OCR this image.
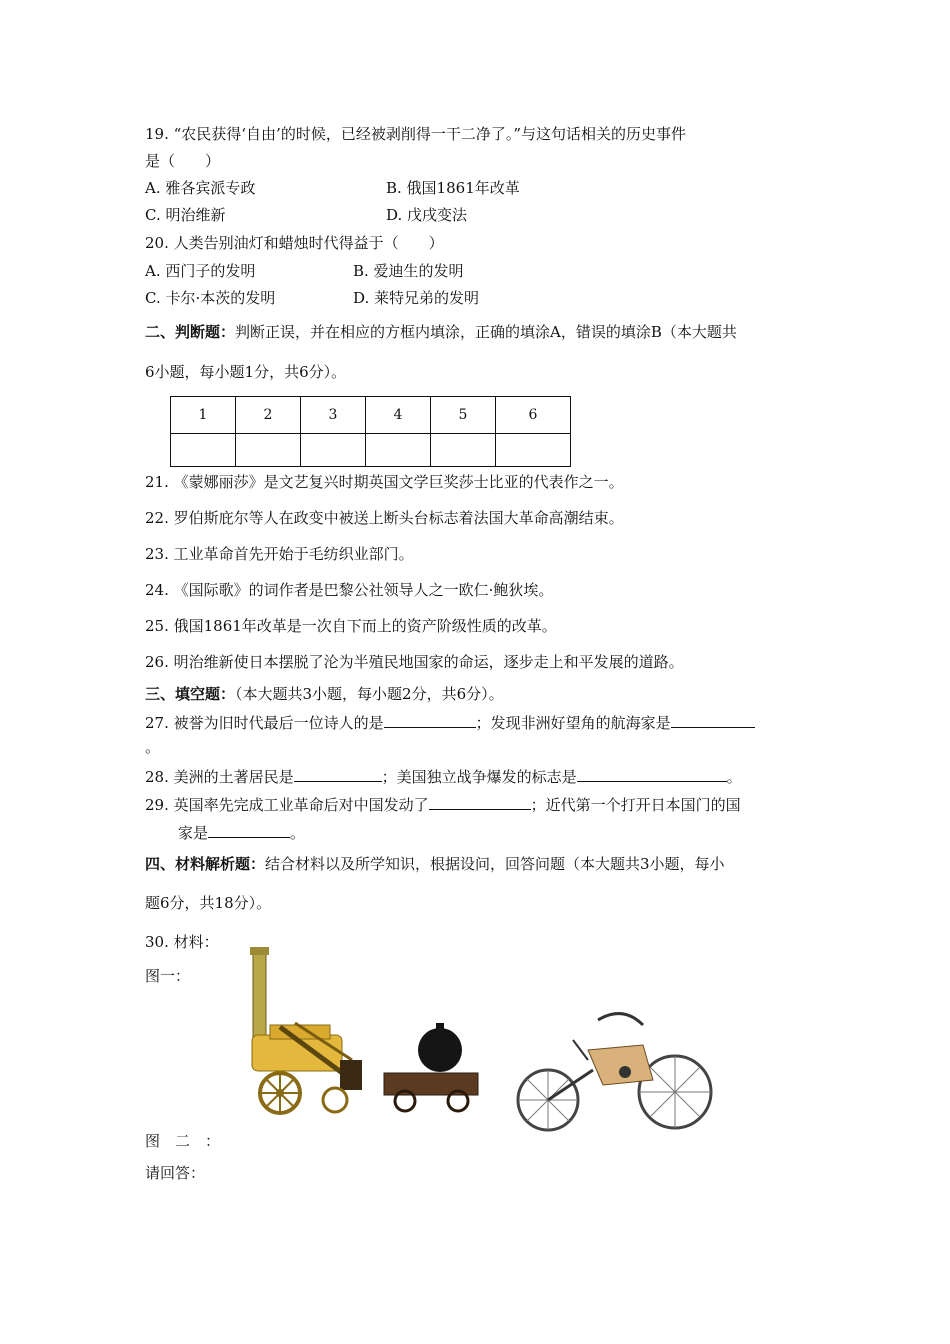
19. “农民获得‘自由’的时候，已经被剥削得一干二净了。”与这句话相关的历史事件
是（　　）
A. 雅各宾派专政	B. 俄国1861年改革
C. 明治维新	D. 戊戌变法
20. 人类告别油灯和蜡烛时代得益于（　　）
A. 西门子的发明	B. 爱迪生的发明
C. 卡尔·本茨的发明	D. 莱特兄弟的发明
二、判断题：判断正误，并在相应的方框内填涂，正确的填涂A，错误的填涂B（本大题共
6小题，每小题1分，共6分）。
1	2	3	4	5	6

21. 《蒙娜丽莎》是文艺复兴时期英国文学巨奖莎士比亚的代表作之一。
22. 罗伯斯庇尔等人在政变中被送上断头台标志着法国大革命高潮结束。
23. 工业革命首先开始于毛纺织业部门。
24. 《国际歌》的词作者是巴黎公社领导人之一欧仁·鲍狄埃。
25. 俄国1861年改革是一次自下而上的资产阶级性质的改革。
26. 明治维新使日本摆脱了沦为半殖民地国家的命运，逐步走上和平发展的道路。
三、填空题：（本大题共3小题，每小题2分，共6分）。
27. 被誉为旧时代最后一位诗人的是	；发现非洲好望角的航海家是
。
28. 美洲的土著居民是	；美国独立战争爆发的标志是	。
29. 英国率先完成工业革命后对中国发动了	；近代第一个打开日本国门的国
家是	。
四、材料解析题：结合材料以及所学知识，根据设问，回答问题（本大题共3小题，每小
题6分，共18分）。
30. 材料：
图一：
图　二　：
请回答：
